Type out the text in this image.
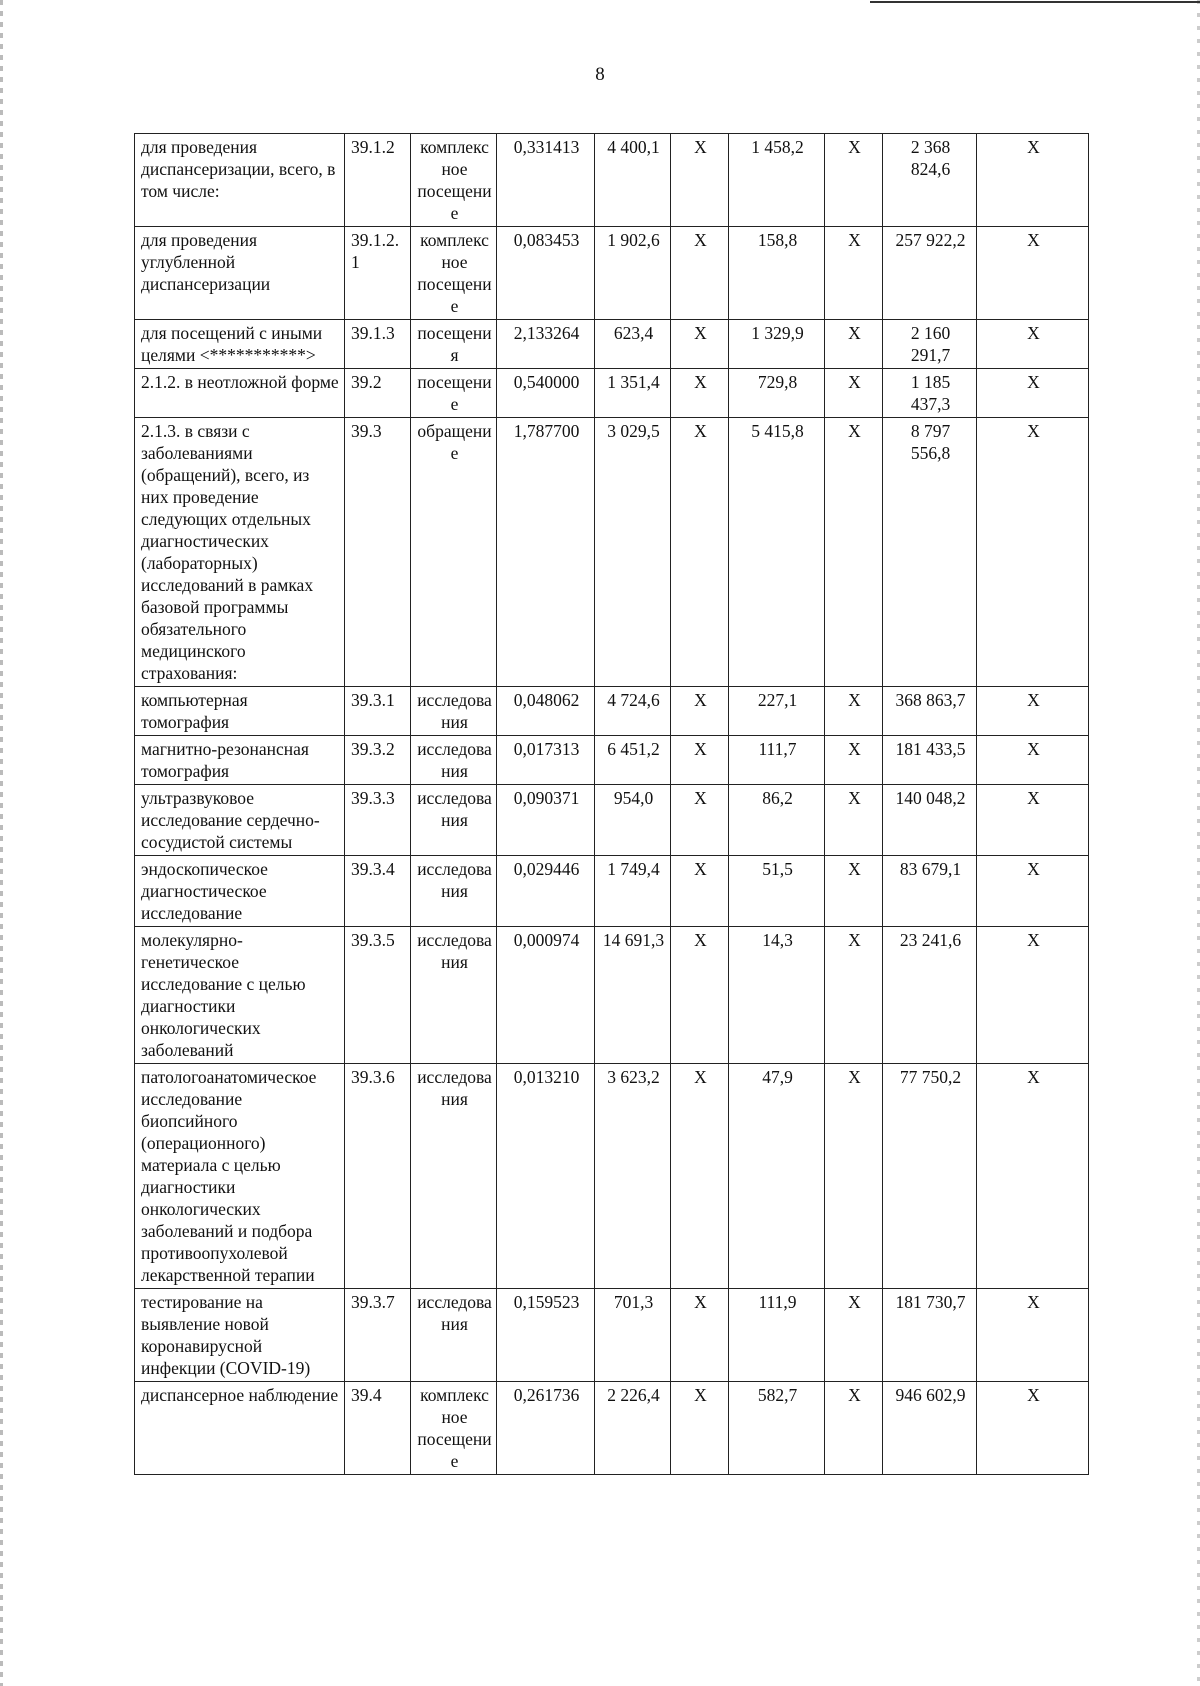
8
для проведения диспансеризации, всего, в том числе:	39.1.2	комплексное посещение	0,331413	4 400,1	Х	1 458,2	Х	2 368 824,6	Х
для проведения углубленной диспансеризации	39.1.2.1	комплексное посещение	0,083453	1 902,6	Х	158,8	Х	257 922,2	Х
для посещений с иными целями <***********>	39.1.3	посещения	2,133264	623,4	Х	1 329,9	Х	2 160 291,7	Х
2.1.2. в неотложной форме	39.2	посещение	0,540000	1 351,4	Х	729,8	Х	1 185 437,3	Х
2.1.3. в связи с заболеваниями (обращений), всего, из них проведение следующих отдельных диагностических (лабораторных) исследований в рамках базовой программы обязательного медицинского страхования:	39.3	обращение	1,787700	3 029,5	Х	5 415,8	Х	8 797 556,8	Х
компьютерная томография	39.3.1	исследования	0,048062	4 724,6	Х	227,1	Х	368 863,7	Х
магнитно-резонансная томография	39.3.2	исследования	0,017313	6 451,2	Х	111,7	Х	181 433,5	Х
ультразвуковое исследование сердечно-сосудистой системы	39.3.3	исследования	0,090371	954,0	Х	86,2	Х	140 048,2	Х
эндоскопическое диагностическое исследование	39.3.4	исследования	0,029446	1 749,4	Х	51,5	Х	83 679,1	Х
молекулярно-генетическое исследование с целью диагностики онкологических заболеваний	39.3.5	исследования	0,000974	14 691,3	Х	14,3	Х	23 241,6	Х
патологоанатомическое исследование биопсийного (операционного) материала с целью диагностики онкологических заболеваний и подбора противоопухолевой лекарственной терапии	39.3.6	исследования	0,013210	3 623,2	Х	47,9	Х	77 750,2	Х
тестирование на выявление новой коронавирусной инфекции (COVID-19)	39.3.7	исследования	0,159523	701,3	Х	111,9	Х	181 730,7	Х
диспансерное наблюдение	39.4	комплексное посещение	0,261736	2 226,4	Х	582,7	Х	946 602,9	Х
